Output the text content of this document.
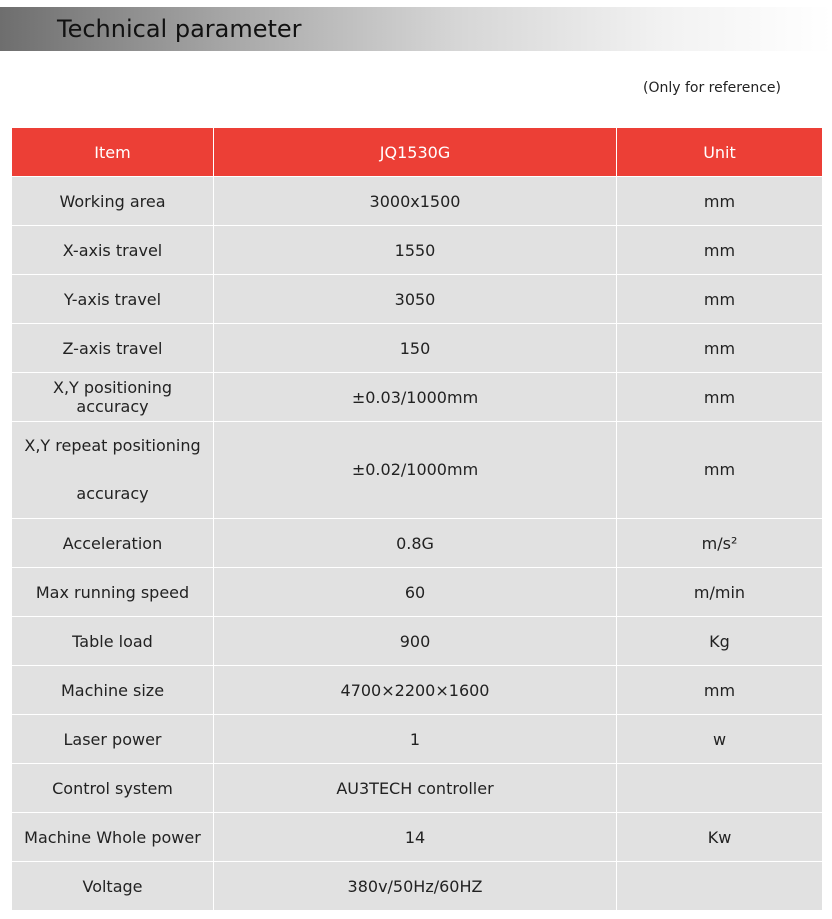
Technical parameter
(Only for reference)
Item	JQ1530G	Unit
Working area	3000x1500	mm
X-axis travel	1550	mm
Y-axis travel	3050	mm
Z-axis travel	150	mm
X,Y positioning accuracy	±0.03/1000mm	mm
X,Y repeat positioning accuracy	±0.02/1000mm	mm
Acceleration	0.8G	m/s²
Max running speed	60	m/min
Table load	900	Kg
Machine size	4700×2200×1600	mm
Laser power	1	w
Control system	AU3TECH controller	
Machine Whole power	14	Kw
Voltage	380v/50Hz/60HZ	
